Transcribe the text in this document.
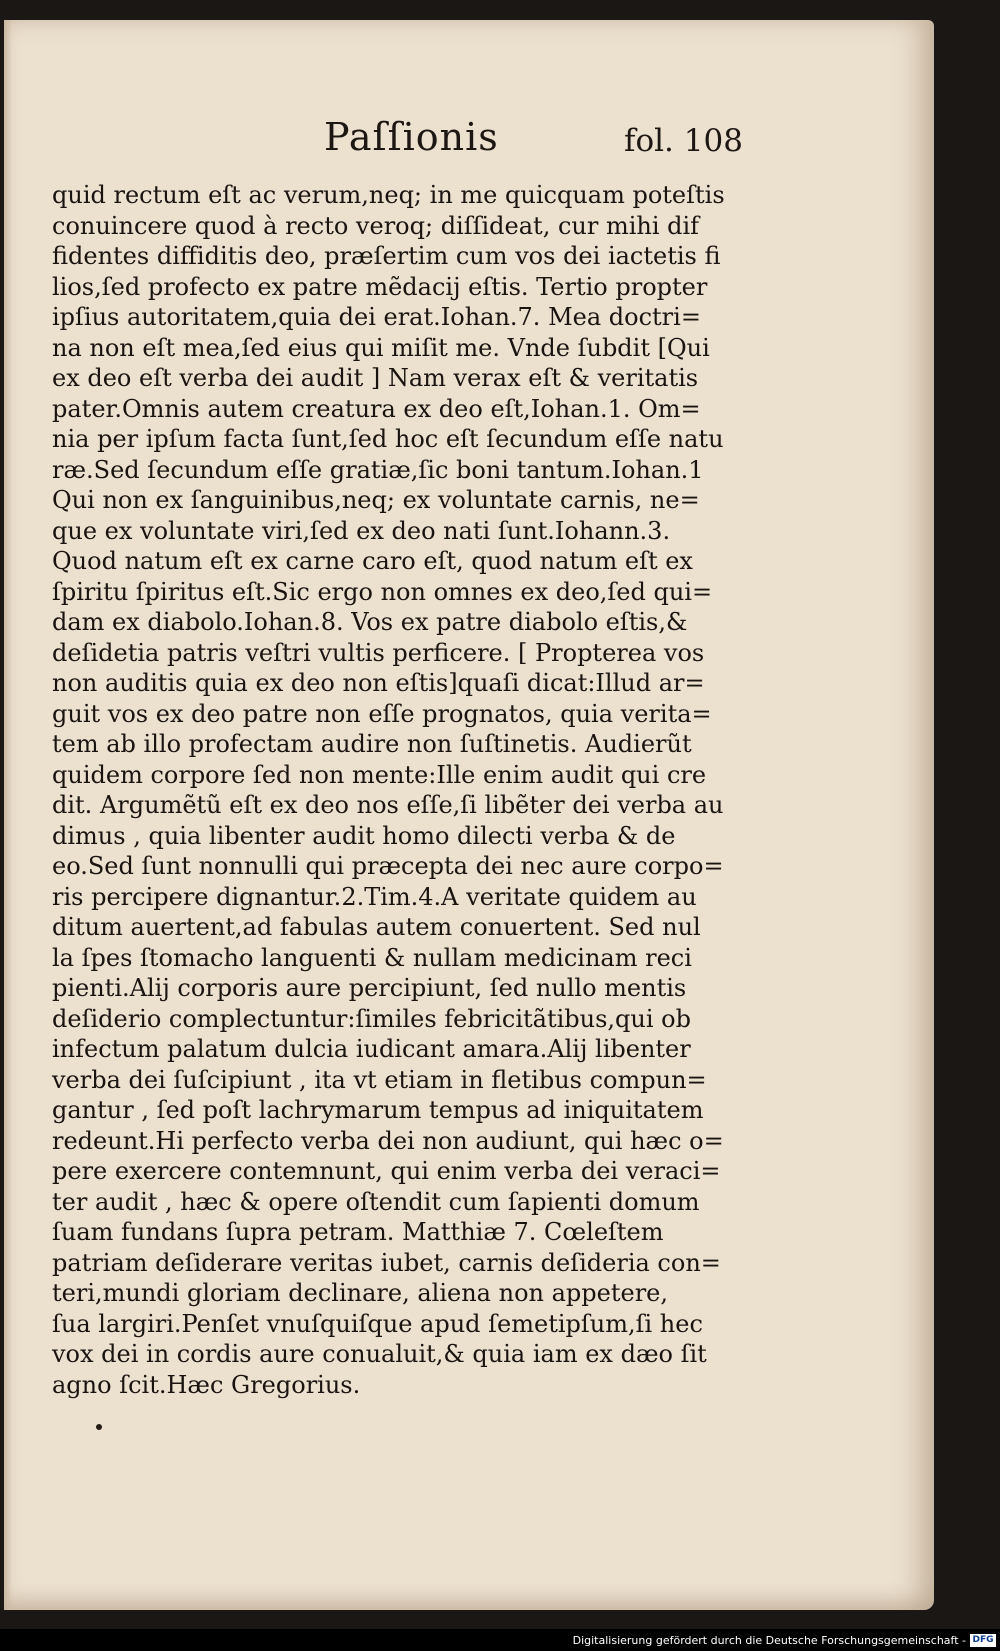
Paſſionis	fol. 108
quid rectum eſt ac verum,neq; in me quicquam poteſtis
conuincere quod à recto veroq; diſſideat, cur mihi dif
fidentes diffiditis deo, præſertim cum vos dei iactetis fi
lios,ſed profecto ex patre mẽdacij eſtis. Tertio propter
ipſius autoritatem,quia dei erat.Iohan.7. Mea doctri=
na non eſt mea,ſed eius qui miſit me. Vnde ſubdit [Qui
ex deo eſt verba dei audit ] Nam verax eſt & veritatis
pater.Omnis autem creatura ex deo eſt,Iohan.1. Om=
nia per ipſum facta ſunt,ſed hoc eſt ſecundum eſſe natu
ræ.Sed ſecundum eſſe gratiæ,ſic boni tantum.Iohan.1
Qui non ex ſanguinibus,neq; ex voluntate carnis, ne=
que ex voluntate viri,ſed ex deo nati ſunt.Iohann.3.
Quod natum eſt ex carne caro eſt, quod natum eſt ex
ſpiritu ſpiritus eſt.Sic ergo non omnes ex deo,ſed qui=
dam ex diabolo.Iohan.8. Vos ex patre diabolo eſtis,&
deſidetia patris veſtri vultis perficere. [ Propterea vos
non auditis quia ex deo non eſtis]quaſi dicat:Illud ar=
guit vos ex deo patre non eſſe prognatos, quia verita=
tem ab illo profectam audire non ſuſtinetis. Audierũt
quidem corpore ſed non mente:Ille enim audit qui cre
dit. Argumẽtũ eſt ex deo nos eſſe,ſi libẽter dei verba au
dimus , quia libenter audit homo dilecti verba & de
eo.Sed ſunt nonnulli qui præcepta dei nec aure corpo=
ris percipere dignantur.2.Tim.4.A veritate quidem au
ditum auertent,ad fabulas autem conuertent. Sed nul
la ſpes ſtomacho languenti & nullam medicinam reci
pienti.Alij corporis aure percipiunt, ſed nullo mentis
deſiderio complectuntur:ſimiles febricitãtibus,qui ob
infectum palatum dulcia iudicant amara.Alij libenter
verba dei ſuſcipiunt , ita vt etiam in fletibus compun=
gantur , ſed poſt lachrymarum tempus ad iniquitatem
redeunt.Hi perfecto verba dei non audiunt, qui hæc o=
pere exercere contemnunt, qui enim verba dei veraci=
ter audit , hæc & opere oſtendit cum ſapienti domum
ſuam fundans ſupra petram. Matthiæ 7. Cœleſtem
patriam deſiderare veritas iubet, carnis deſideria con=
teri,mundi gloriam declinare, aliena non appetere,
ſua largiri.Penſet vnuſquiſque apud ſemetipſum,ſi hec
vox dei in cordis aure conualuit,& quia iam ex dæo ſit
agno ſcit.Hæc Gregorius.
Digitalisierung gefördert durch die Deutsche Forschungsgemeinschaft - DFG
